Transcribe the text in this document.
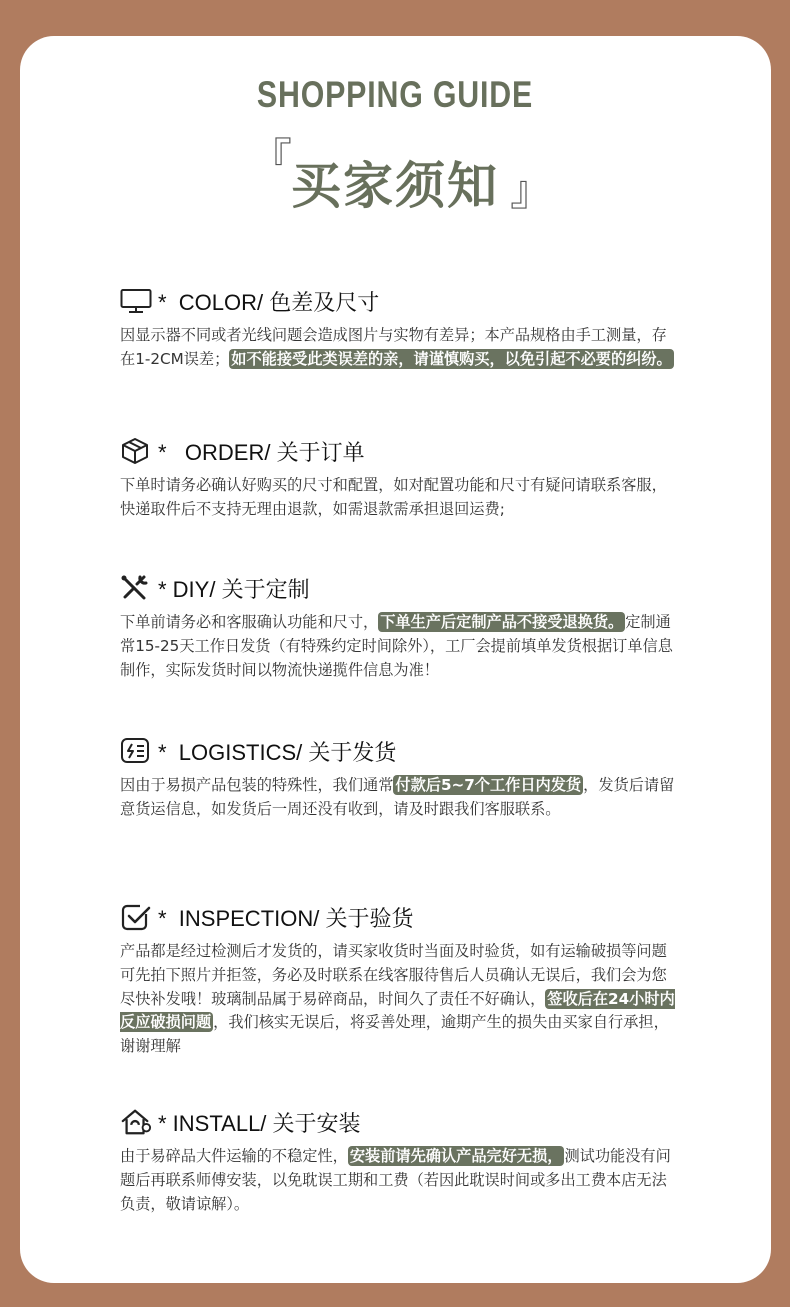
SHOPPING GUIDE
『
买家须知 』
*  COLOR/ 色差及尺寸
因显示器不同或者光线问题会造成图片与实物有差异；本产品规格由手工测量，存在1-2CM误差； 如不能接受此类误差的亲，请谨慎购买，以免引起不必要的纠纷。
*   ORDER/ 关于订单
下单时请务必确认好购买的尺寸和配置，如对配置功能和尺寸有疑问请联系客服，快递取件后不支持无理由退款，如需退款需承担退回运费;
* DIY/ 关于定制
下单前请务必和客服确认功能和尺寸， 下单生产后定制产品不接受退换货。 定制通常15-25天工作日发货（有特殊约定时间除外），工厂会提前填单发货根据订单信息制作，实际发货时间以物流快递揽件信息为准！
*  LOGISTICS/ 关于发货
因由于易损产品包装的特殊性，我们通常 付款后5~7个工作日内发货 ，发货后请留意货运信息，如发货后一周还没有收到，请及时跟我们客服联系。
*  INSPECTION/ 关于验货
产品都是经过检测后才发货的，请买家收货时当面及时验货，如有运输破损等问题可先拍下照片并拒签，务必及时联系在线客服待售后人员确认无误后，我们会为您尽快补发哦！玻璃制品属于易碎商品，时间久了责任不好确认， 签收后在24小时内反应破损问题 ，我们核实无误后，将妥善处理，逾期产生的损失由买家自行承担，谢谢理解
* INSTALL/ 关于安装
由于易碎品大件运输的不稳定性， 安装前请先确认产品完好无损， 测试功能没有问题后再联系师傅安装，以免耽误工期和工费（若因此耽误时间或多出工费本店无法负责，敬请谅解）。
